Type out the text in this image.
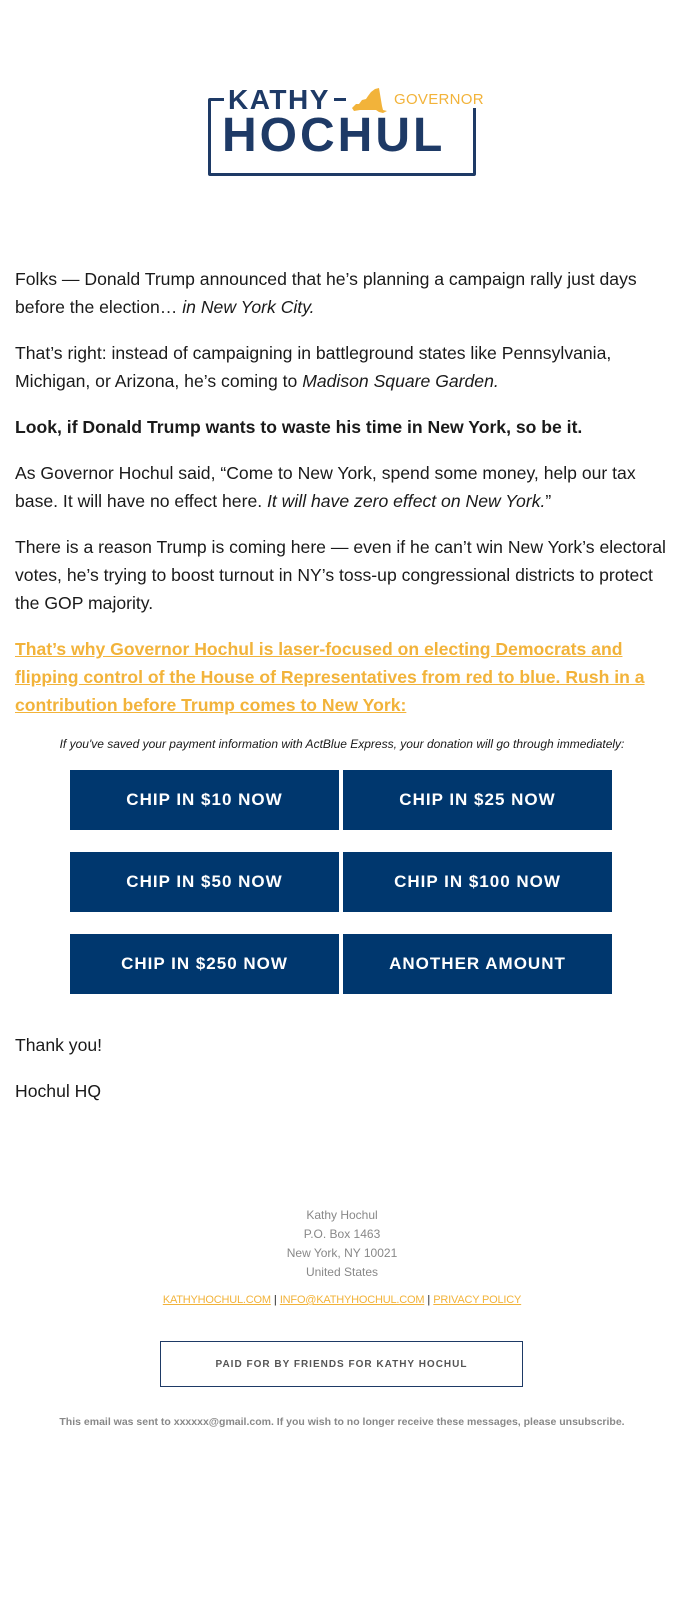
KATHY	GOVERNOR
HOCHUL

Folks — Donald Trump announced that he’s planning a campaign rally just days before the election… in New York City.

That’s right: instead of campaigning in battleground states like Pennsylvania, Michigan, or Arizona, he’s coming to Madison Square Garden.

Look, if Donald Trump wants to waste his time in New York, so be it.

As Governor Hochul said, “Come to New York, spend some money, help our tax base. It will have no effect here. It will have zero effect on New York.”

There is a reason Trump is coming here — even if he can’t win New York’s electoral votes, he’s trying to boost turnout in NY’s toss-up congressional districts to protect the GOP majority.

That’s why Governor Hochul is laser-focused on electing Democrats and flipping control of the House of Representatives from red to blue. Rush in a contribution before Trump comes to New York:
If you've saved your payment information with ActBlue Express, your donation will go through immediately:
CHIP IN $10 NOW	CHIP IN $25 NOW
CHIP IN $50 NOW	CHIP IN $100 NOW
CHIP IN $250 NOW	ANOTHER AMOUNT
Thank you!
Hochul HQ
Kathy Hochul
P.O. Box 1463
New York, NY 10021
United States
KATHYHOCHUL.COM | INFO@KATHYHOCHUL.COM | PRIVACY POLICY
PAID FOR BY FRIENDS FOR KATHY HOCHUL
This email was sent to xxxxxx@gmail.com. If you wish to no longer receive these messages, please unsubscribe.
